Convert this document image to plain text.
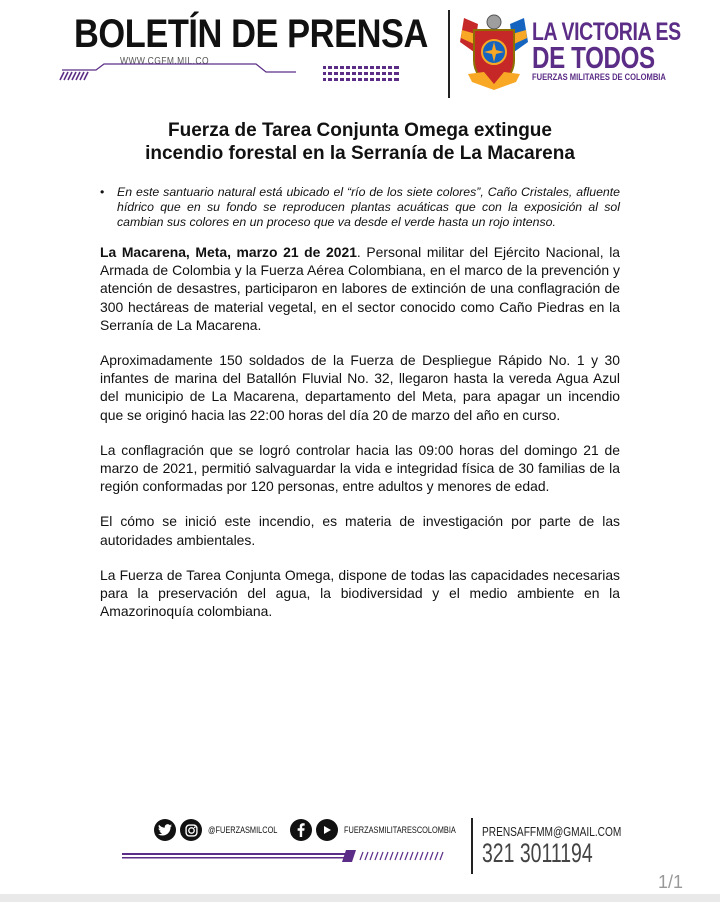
BOLETÍN DE PRENSA
WWW.CGFM.MIL.CO
LA VICTORIA ES
DE TODOS
FUERZAS MILITARES DE COLOMBIA
Fuerza de Tarea Conjunta Omega extingue
incendio forestal en la Serranía de La Macarena
•	En este santuario natural está ubicado el “río de los siete colores”, Caño Cristales, afluente hídrico que en su fondo se reproducen plantas acuáticas que con la exposición al sol cambian sus colores en un proceso que va desde el verde hasta un rojo intenso.

La Macarena, Meta, marzo 21 de 2021. Personal militar del Ejército Nacional, la Armada de Colombia y la Fuerza Aérea Colombiana, en el marco de la prevención y atención de desastres, participaron en labores de extinción de una conflagración de 300 hectáreas de material vegetal, en el sector conocido como Caño Piedras en la Serranía de La Macarena.

Aproximadamente 150 soldados de la Fuerza de Despliegue Rápido No. 1 y 30 infantes de marina del Batallón Fluvial No. 32, llegaron hasta la vereda Agua Azul del municipio de La Macarena, departamento del Meta, para apagar un incendio que se originó hacia las 22:00 horas del día 20 de marzo del año en curso.

La conflagración que se logró controlar hacia las 09:00 horas del domingo 21 de marzo de 2021, permitió salvaguardar la vida e integridad física de 30 familias de la región conformadas por 120 personas, entre adultos y menores de edad.

El cómo se inició este incendio, es materia de investigación por parte de las autoridades ambientales.

La Fuerza de Tarea Conjunta Omega, dispone de todas las capacidades necesarias para la preservación del agua, la biodiversidad y el medio ambiente en la Amazorinoquía colombiana.

@FUERZASMILCOL	FUERZASMILITARESCOLOMBIA PRENSAFFMM@GMAIL.COM
321 3011194
1/1
